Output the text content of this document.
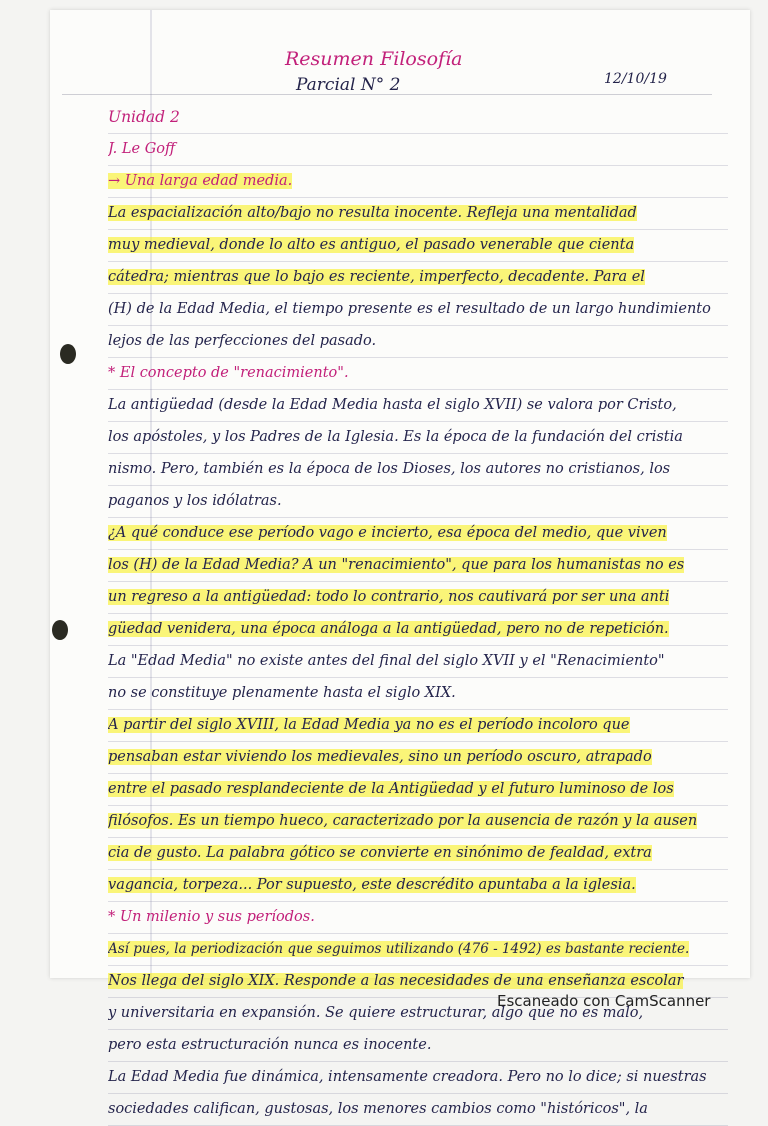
Resumen Filosofía

Parcial N° 2	12/10/19

Unidad 2
J. Le Goff
→ Una larga edad media.
La espacialización alto/bajo no resulta inocente. Refleja una mentalidad
muy medieval, donde lo alto es antiguo, el pasado venerable que cienta
cátedra; mientras que lo bajo es reciente, imperfecto, decadente. Para el
(H) de la Edad Media, el tiempo presente es el resultado de un largo hundimiento
lejos de las perfecciones del pasado.
* El concepto de "renacimiento".
La antigüedad (desde la Edad Media hasta el siglo XVII) se valora por Cristo,
los apóstoles, y los Padres de la Iglesia. Es la época de la fundación del cristia
nismo. Pero, también es la época de los Dioses, los autores no cristianos, los
paganos y los idólatras.
¿A qué conduce ese período vago e incierto, esa época del medio, que viven
los (H) de la Edad Media? A un "renacimiento", que para los humanistas no es
un regreso a la antigüedad: todo lo contrario, nos cautivará por ser una anti
güedad venidera, una época análoga a la antigüedad, pero no de repetición.
La "Edad Media" no existe antes del final del siglo XVII y el "Renacimiento"
no se constituye plenamente hasta el siglo XIX.
A partir del siglo XVIII, la Edad Media ya no es el período incoloro que
pensaban estar viviendo los medievales, sino un período oscuro, atrapado
entre el pasado resplandeciente de la Antigüedad y el futuro luminoso de los
filósofos. Es un tiempo hueco, caracterizado por la ausencia de razón y la ausen
cia de gusto. La palabra gótico se convierte en sinónimo de fealdad, extra
vagancia, torpeza... Por supuesto, este descrédito apuntaba a la iglesia.
* Un milenio y sus períodos.
Así pues, la periodización que seguimos utilizando (476 - 1492) es bastante reciente.
Nos llega del siglo XIX. Responde a las necesidades de una enseñanza escolar
y universitaria en expansión. Se quiere estructurar, algo que no es malo,
pero esta estructuración nunca es inocente.
La Edad Media fue dinámica, intensamente creadora. Pero no lo dice; si nuestras
sociedades califican, gustosas, los menores cambios como "históricos", la

Escaneado con CamScanner
